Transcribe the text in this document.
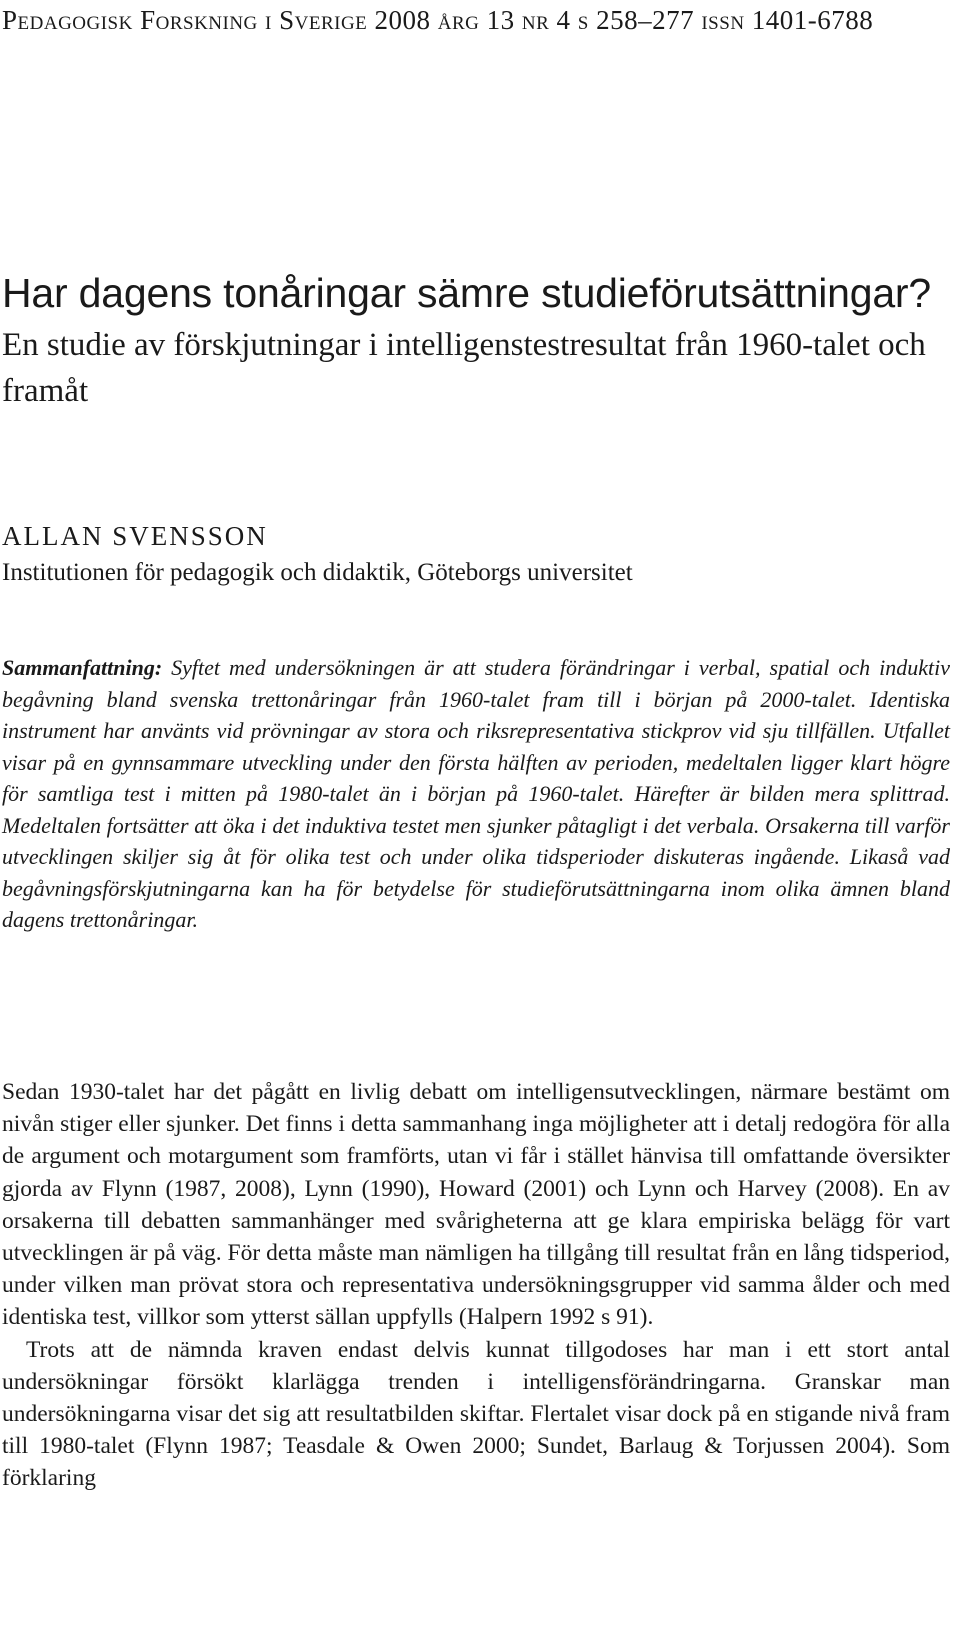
Pedagogisk Forskning i Sverige 2008 årg 13 nr 4 s 258–277 issn 1401-6788
Har dagens tonåringar sämre studieförutsättningar?
En studie av förskjutningar i intelligenstestresultat från 1960-talet och framåt
ALLAN SVENSSON
Institutionen för pedagogik och didaktik, Göteborgs universitet
Sammanfattning: Syftet med undersökningen är att studera förändringar i verbal, spatial och induktiv begåvning bland svenska trettonåringar från 1960-talet fram till i början på 2000-talet. Identiska instrument har använts vid prövningar av stora och riksrepresentativa stickprov vid sju tillfällen. Utfallet visar på en gynnsammare utveckling under den första hälften av perioden, medeltalen ligger klart högre för samtliga test i mitten på 1980-talet än i början på 1960-talet. Härefter är bilden mera splittrad. Medeltalen fortsätter att öka i det induktiva testet men sjunker påtagligt i det verbala. Orsakerna till varför utvecklingen skiljer sig åt för olika test och under olika tidsperioder diskuteras ingående. Likaså vad begåvningsförskjutningarna kan ha för betydelse för studieförutsättningarna inom olika ämnen bland dagens trettonåringar.

Sedan 1930-talet har det pågått en livlig debatt om intelligensutvecklingen, närmare bestämt om nivån stiger eller sjunker. Det finns i detta sammanhang inga möjligheter att i detalj redogöra för alla de argument och motargument som framförts, utan vi får i stället hänvisa till omfattande översikter gjorda av Flynn (1987, 2008), Lynn (1990), Howard (2001) och Lynn och Harvey (2008). En av orsakerna till debatten sammanhänger med svårigheterna att ge klara empiriska belägg för vart utvecklingen är på väg. För detta måste man nämligen ha tillgång till resultat från en lång tidsperiod, under vilken man prövat stora och representativa undersökningsgrupper vid samma ålder och med identiska test, villkor som ytterst sällan uppfylls (Halpern 1992 s 91).

Trots att de nämnda kraven endast delvis kunnat tillgodoses har man i ett stort antal undersökningar försökt klarlägga trenden i intelligensförändringarna. Granskar man undersökningarna visar det sig att resultatbilden skiftar. Flertalet visar dock på en stigande nivå fram till 1980-talet (Flynn 1987; Teasdale & Owen 2000; Sundet, Barlaug & Torjussen 2004). Som förklaring
